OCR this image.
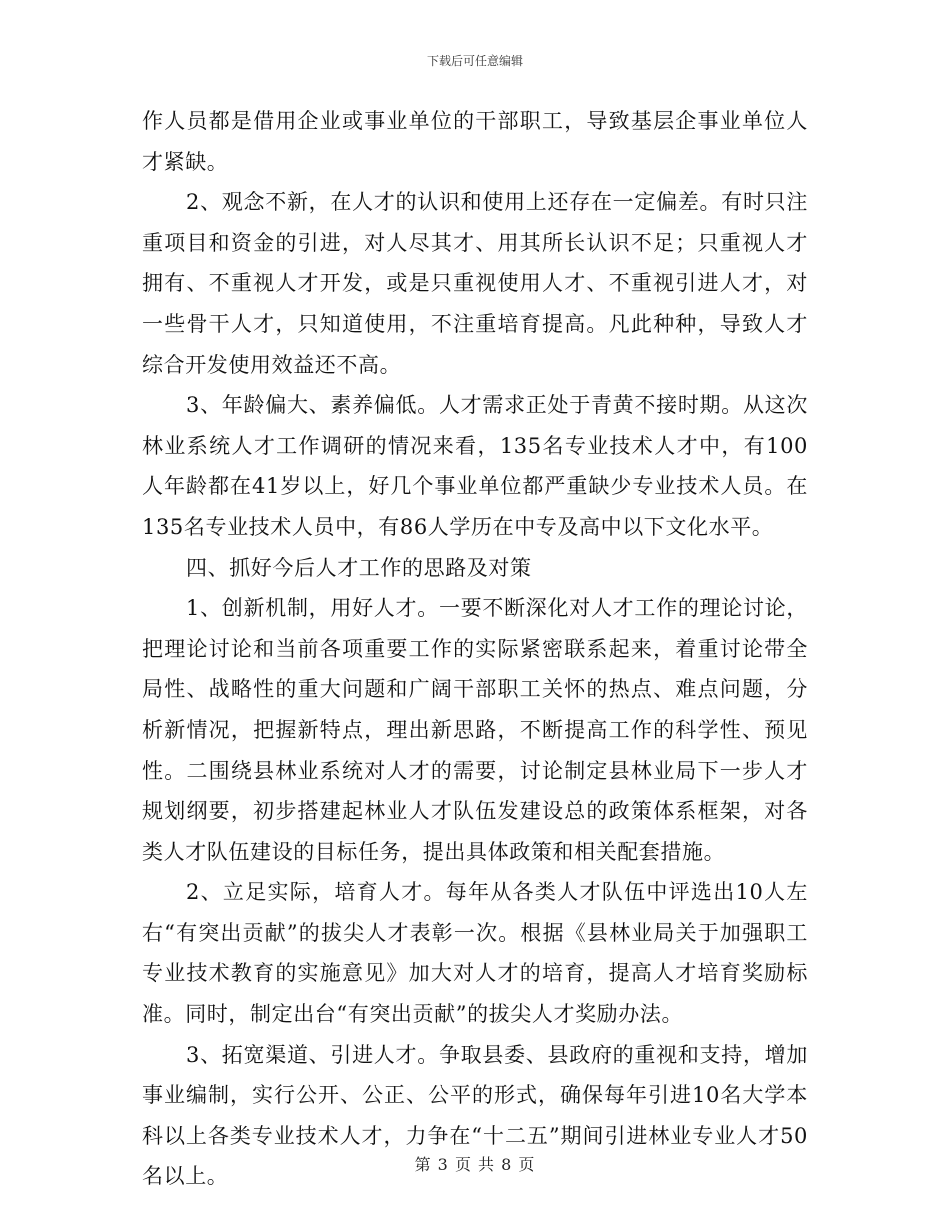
下载后可任意编辑

作人员都是借用企业或事业单位的干部职工，导致基层企事业单位人才紧缺。

2、观念不新，在人才的认识和使用上还存在一定偏差。有时只注重项目和资金的引进，对人尽其才、用其所长认识不足；只重视人才拥有、不重视人才开发，或是只重视使用人才、不重视引进人才，对一些骨干人才，只知道使用，不注重培育提高。凡此种种，导致人才综合开发使用效益还不高。

3、年龄偏大、素养偏低。人才需求正处于青黄不接时期。从这次林业系统人才工作调研的情况来看，135名专业技术人才中，有100人年龄都在41岁以上，好几个事业单位都严重缺少专业技术人员。在135名专业技术人员中，有86人学历在中专及高中以下文化水平。

四、抓好今后人才工作的思路及对策

1、创新机制，用好人才。一要不断深化对人才工作的理论讨论，把理论讨论和当前各项重要工作的实际紧密联系起来，着重讨论带全局性、战略性的重大问题和广阔干部职工关怀的热点、难点问题，分析新情况，把握新特点，理出新思路，不断提高工作的科学性、预见性。二围绕县林业系统对人才的需要，讨论制定县林业局下一步人才规划纲要，初步搭建起林业人才队伍发建设总的政策体系框架，对各类人才队伍建设的目标任务，提出具体政策和相关配套措施。

2、立足实际，培育人才。每年从各类人才队伍中评选出10人左右“有突出贡献”的拔尖人才表彰一次。根据《县林业局关于加强职工专业技术教育的实施意见》加大对人才的培育，提高人才培育奖励标准。同时，制定出台“有突出贡献”的拔尖人才奖励办法。

3、拓宽渠道、引进人才。争取县委、县政府的重视和支持，增加事业编制，实行公开、公正、公平的形式，确保每年引进10名大学本科以上各类专业技术人才，力争在“十二五”期间引进林业专业人才50名以上。	第 3 页 共 8 页
